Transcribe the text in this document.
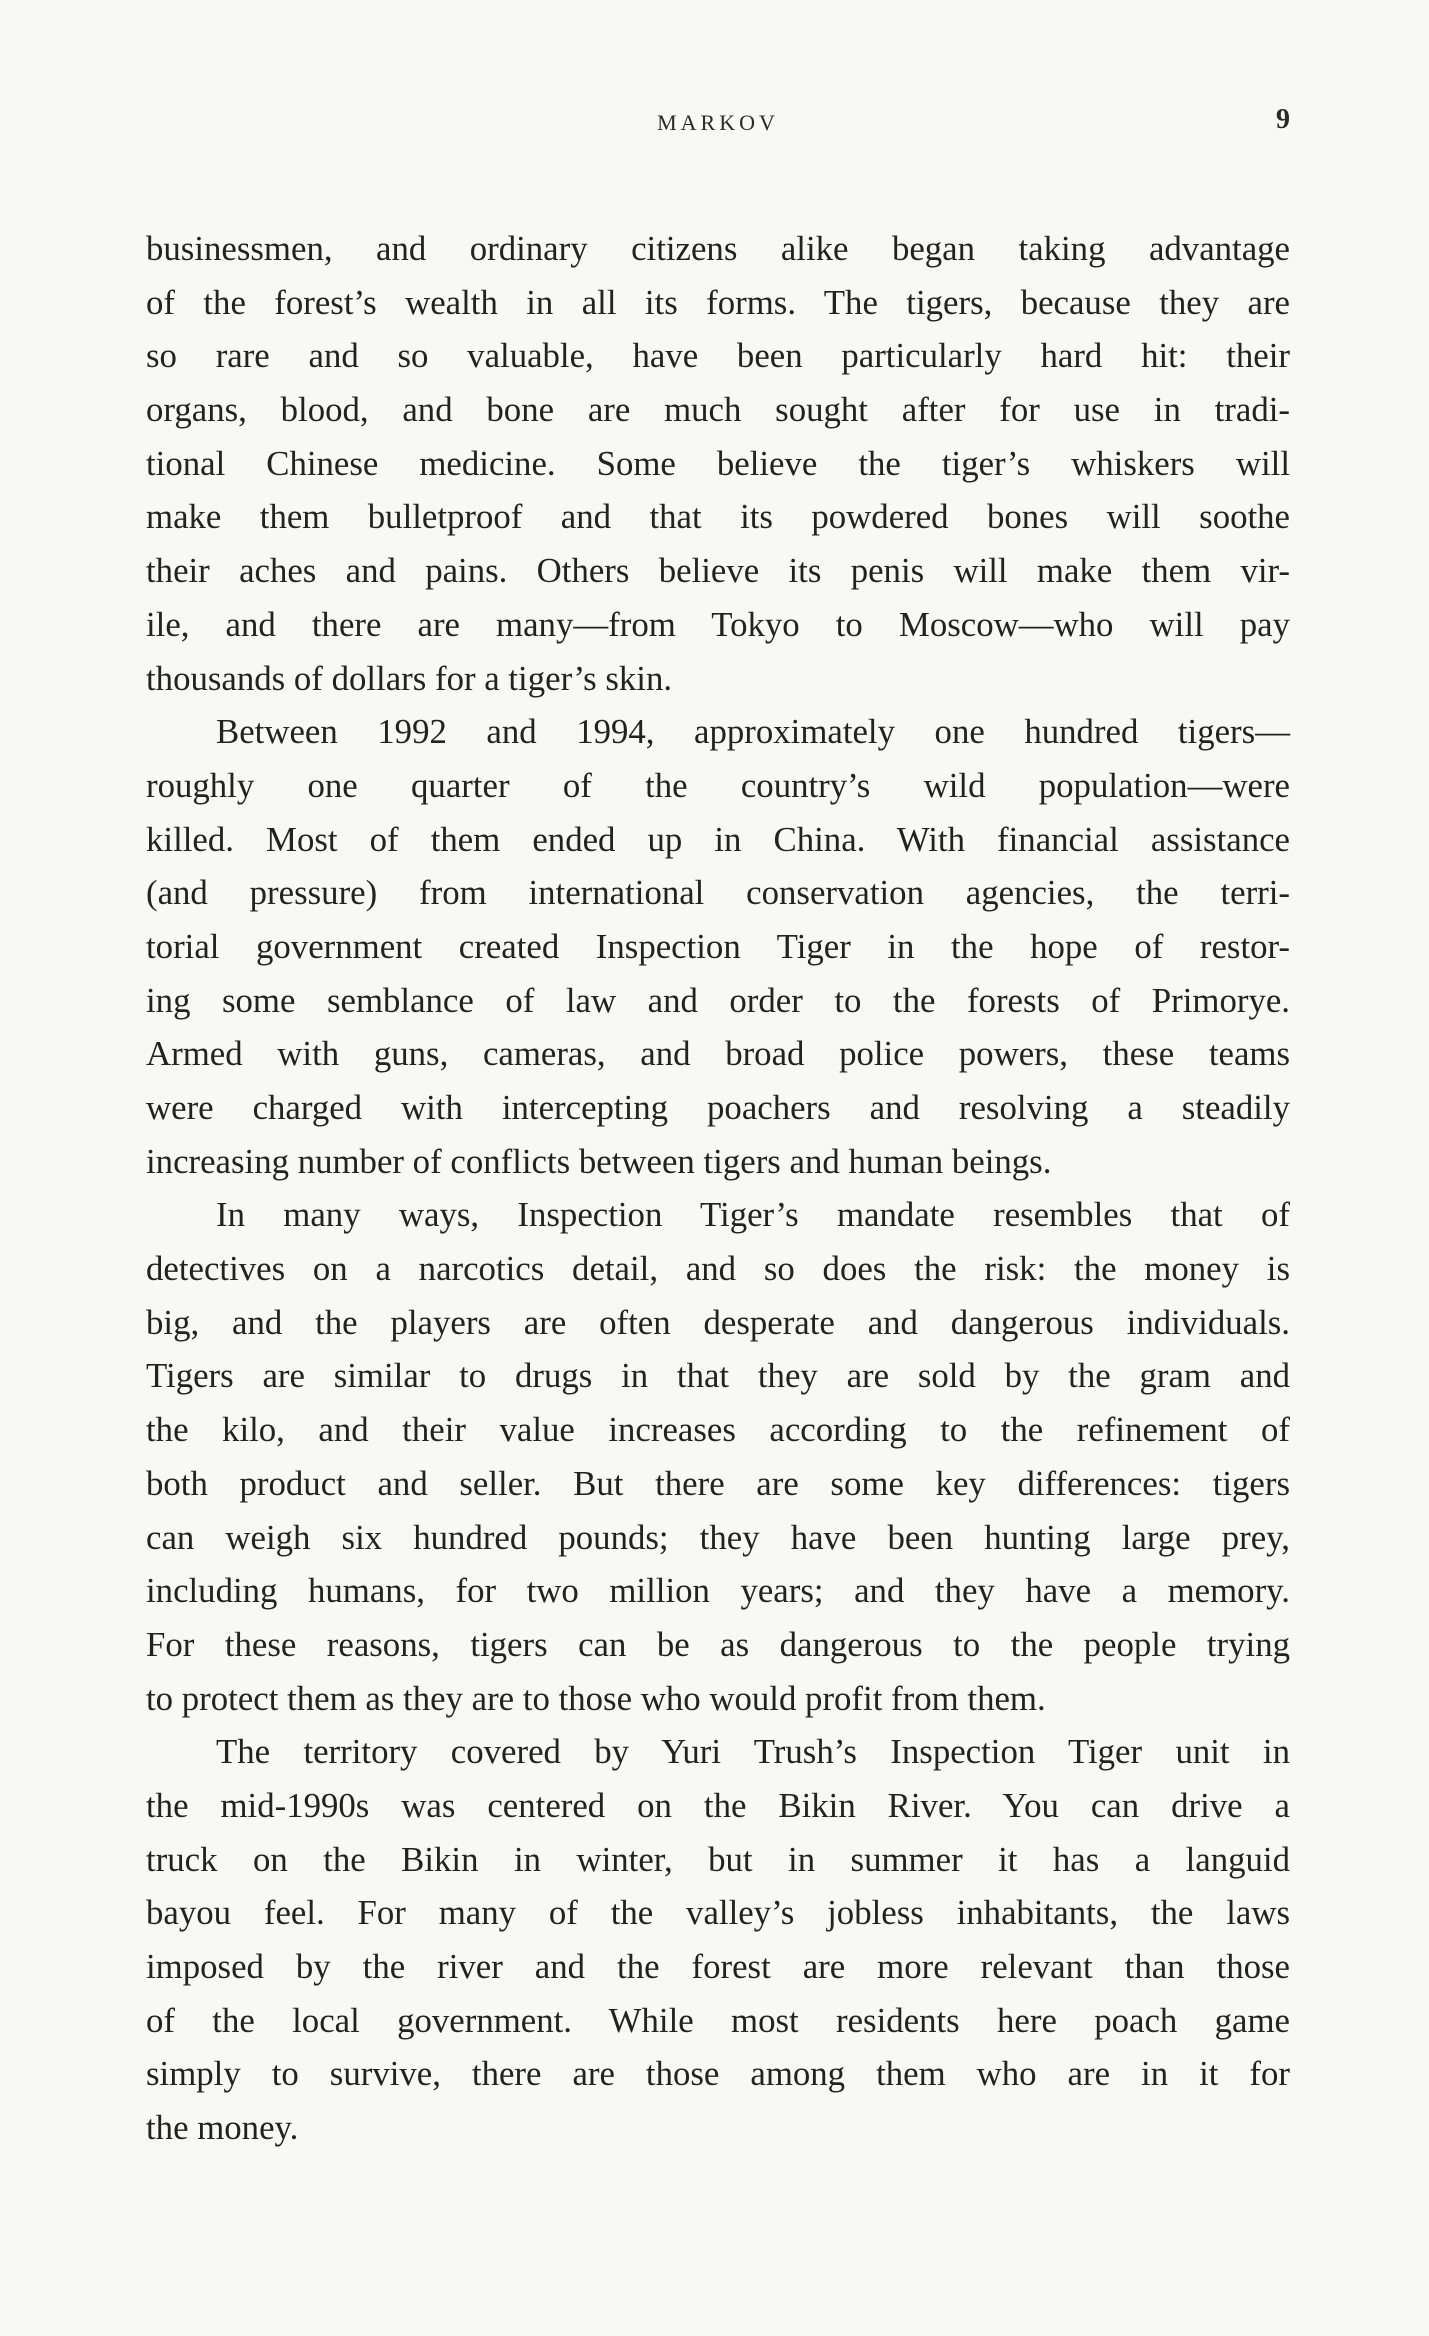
MARKOV	9
businessmen, and ordinary citizens alike began taking advantage
of the forest’s wealth in all its forms. The tigers, because they are
so rare and so valuable, have been particularly hard hit: their
organs, blood, and bone are much sought after for use in tradi-
tional Chinese medicine. Some believe the tiger’s whiskers will
make them bulletproof and that its powdered bones will soothe
their aches and pains. Others believe its penis will make them vir-
ile, and there are many—from Tokyo to Moscow—who will pay
thousands of dollars for a tiger’s skin.
Between 1992 and 1994, approximately one hundred tigers—
roughly one quarter of the country’s wild population—were
killed. Most of them ended up in China. With financial assistance
(and pressure) from international conservation agencies, the terri-
torial government created Inspection Tiger in the hope of restor-
ing some semblance of law and order to the forests of Primorye.
Armed with guns, cameras, and broad police powers, these teams
were charged with intercepting poachers and resolving a steadily
increasing number of conflicts between tigers and human beings.
In many ways, Inspection Tiger’s mandate resembles that of
detectives on a narcotics detail, and so does the risk: the money is
big, and the players are often desperate and dangerous individuals.
Tigers are similar to drugs in that they are sold by the gram and
the kilo, and their value increases according to the refinement of
both product and seller. But there are some key differences: tigers
can weigh six hundred pounds; they have been hunting large prey,
including humans, for two million years; and they have a memory.
For these reasons, tigers can be as dangerous to the people trying
to protect them as they are to those who would profit from them.
The territory covered by Yuri Trush’s Inspection Tiger unit in
the mid-1990s was centered on the Bikin River. You can drive a
truck on the Bikin in winter, but in summer it has a languid
bayou feel. For many of the valley’s jobless inhabitants, the laws
imposed by the river and the forest are more relevant than those
of the local government. While most residents here poach game
simply to survive, there are those among them who are in it for
the money.
